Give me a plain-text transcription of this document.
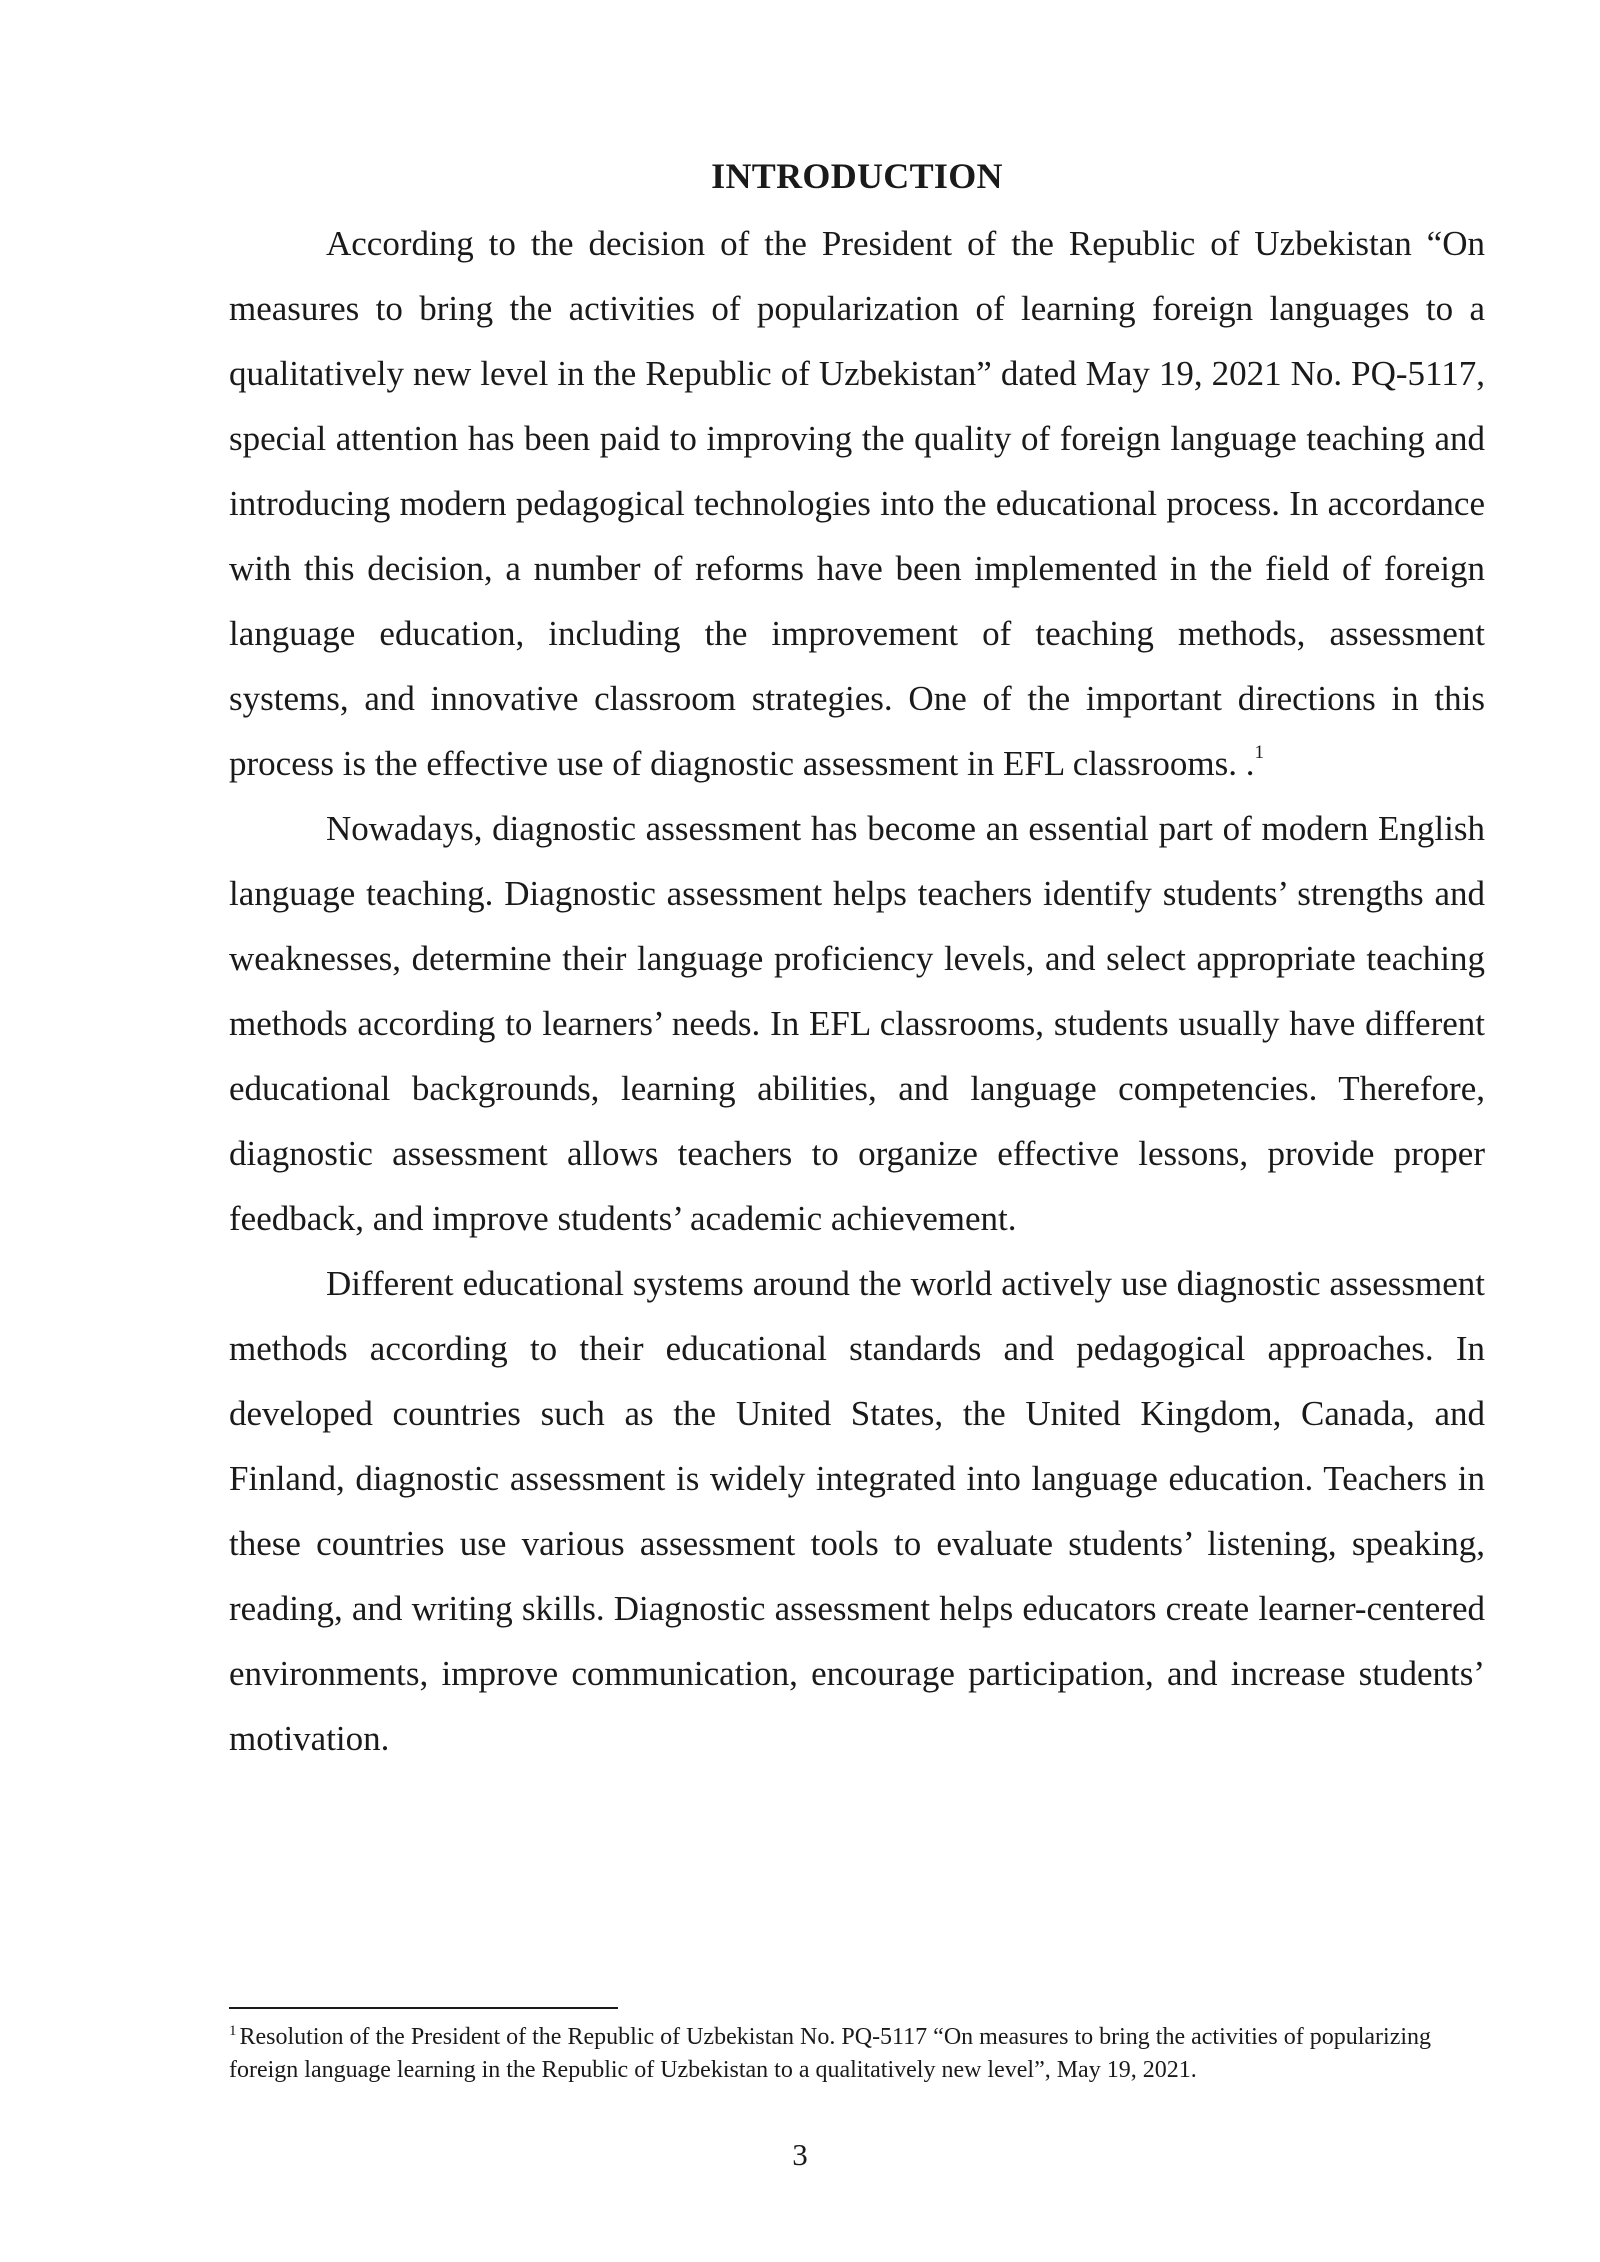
INTRODUCTION

According to the decision of the President of the Republic of Uzbekistan “On measures to bring the activities of popularization of learning foreign languages to a qualitatively new level in the Republic of Uzbekistan” dated May 19, 2021 No. PQ-5117, special attention has been paid to improving the quality of foreign language teaching and introducing modern pedagogical technologies into the educational process. In accordance with this decision, a number of reforms have been implemented in the field of foreign language education, including the improvement of teaching methods, assessment systems, and innovative classroom strategies. One of the important directions in this process is the effective use of diagnostic assessment in EFL classrooms. .$^1$

Nowadays, diagnostic assessment has become an essential part of modern English language teaching. Diagnostic assessment helps teachers identify students’ strengths and weaknesses, determine their language proficiency levels, and select appropriate teaching methods according to learners’ needs. In EFL classrooms, students usually have different educational backgrounds, learning abilities, and language competencies. Therefore, diagnostic assessment allows teachers to organize effective lessons, provide proper feedback, and improve students’ academic achievement.

Different educational systems around the world actively use diagnostic assessment methods according to their educational standards and pedagogical approaches. In developed countries such as the United States, the United Kingdom, Canada, and Finland, diagnostic assessment is widely integrated into language education. Teachers in these countries use various assessment tools to evaluate students’ listening, speaking, reading, and writing skills. Diagnostic assessment helps educators create learner-centered environments, improve communication, encourage participation, and increase students’ motivation.

$^1$ Resolution of the President of the Republic of Uzbekistan No. PQ-5117 “On measures to bring the activities of popularizing foreign language learning in the Republic of Uzbekistan to a qualitatively new level”, May 19, 2021.
3
